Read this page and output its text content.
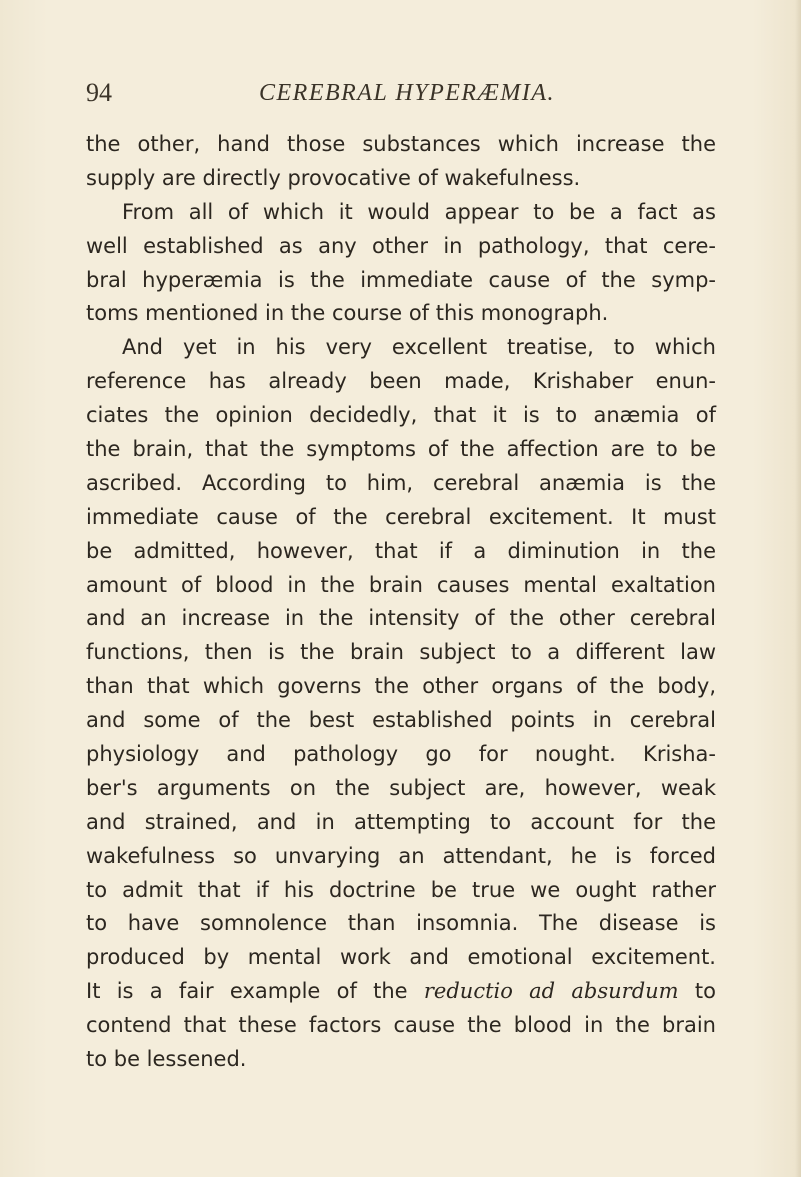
94	CEREBRAL HYPERÆMIA.
the other, hand those substances which increase the
supply are directly provocative of wakefulness.
From all of which it would appear to be a fact as
well established as any other in pathology, that cere-
bral hyperæmia is the immediate cause of the symp-
toms mentioned in the course of this monograph.
And yet in his very excellent treatise, to which
reference has already been made, Krishaber enun-
ciates the opinion decidedly, that it is to anæmia of
the brain, that the symptoms of the affection are to be
ascribed. According to him, cerebral anæmia is the
immediate cause of the cerebral excitement. It must
be admitted, however, that if a diminution in the
amount of blood in the brain causes mental exaltation
and an increase in the intensity of the other cerebral
functions, then is the brain subject to a different law
than that which governs the other organs of the body,
and some of the best established points in cerebral
physiology and pathology go for nought. Krisha-
ber's arguments on the subject are, however, weak
and strained, and in attempting to account for the
wakefulness so unvarying an attendant, he is forced
to admit that if his doctrine be true we ought rather
to have somnolence than insomnia. The disease is
produced by mental work and emotional excitement.
It is a fair example of the reductio ad absurdum to
contend that these factors cause the blood in the brain
to be lessened.
